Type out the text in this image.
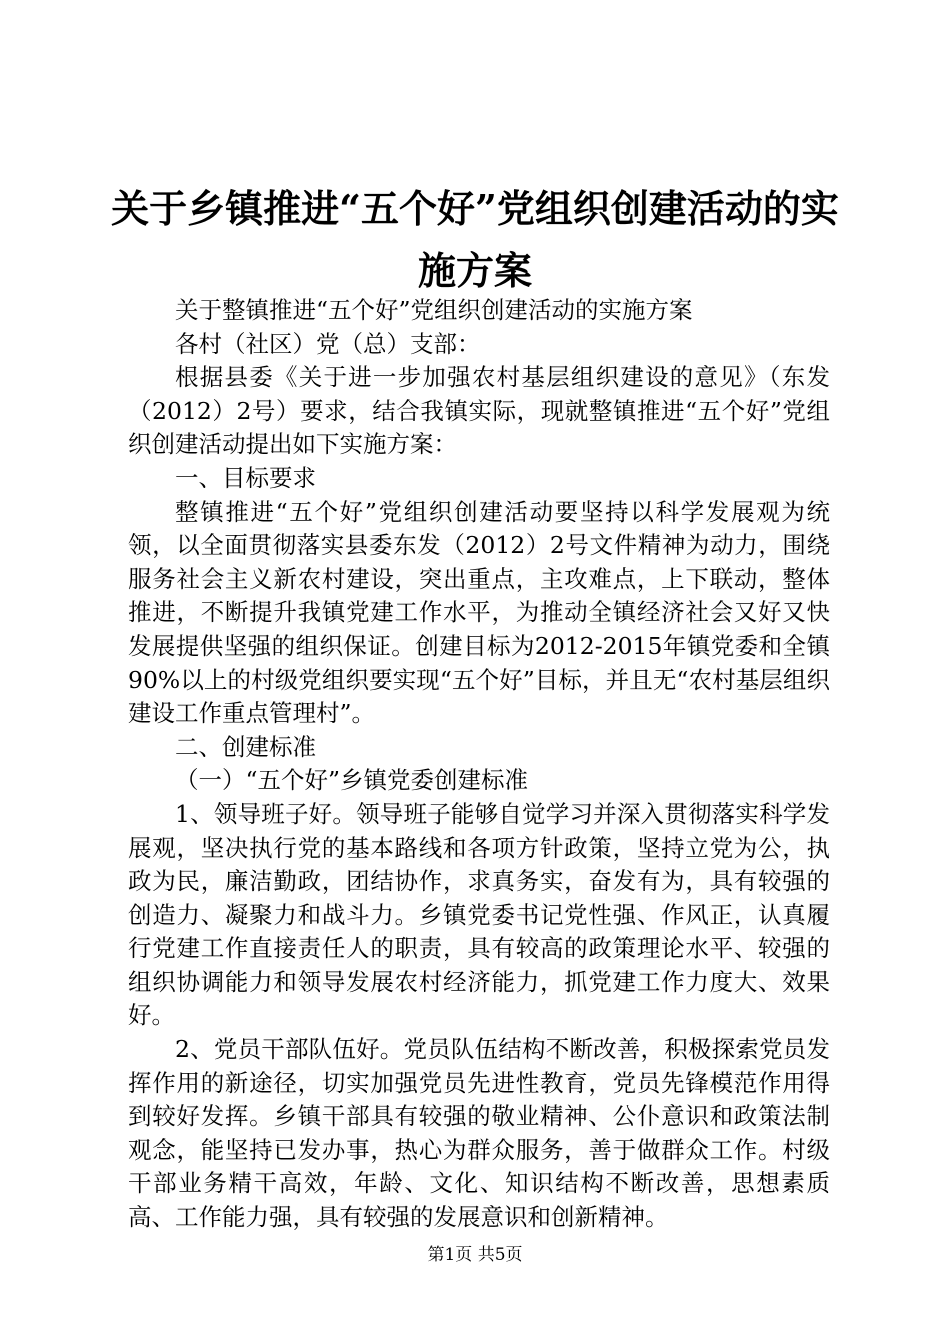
关于乡镇推进“五个好”党组织创建活动的实施方案

关于整镇推进“五个好”党组织创建活动的实施方案

各村（社区）党（总）支部：

根据县委《关于进一步加强农村基层组织建设的意见》（东发（2012）2号）要求，结合我镇实际，现就整镇推进“五个好”党组织创建活动提出如下实施方案：

一、目标要求

整镇推进“五个好”党组织创建活动要坚持以科学发展观为统领，以全面贯彻落实县委东发（2012）2号文件精神为动力，围绕服务社会主义新农村建设，突出重点，主攻难点，上下联动，整体推进，不断提升我镇党建工作水平，为推动全镇经济社会又好又快发展提供坚强的组织保证。创建目标为2012-2015年镇党委和全镇90%以上的村级党组织要实现“五个好”目标，并且无“农村基层组织建设工作重点管理村”。

二、创建标准

（一）“五个好”乡镇党委创建标准

1、领导班子好。领导班子能够自觉学习并深入贯彻落实科学发展观，坚决执行党的基本路线和各项方针政策，坚持立党为公，执政为民，廉洁勤政，团结协作，求真务实，奋发有为，具有较强的创造力、凝聚力和战斗力。乡镇党委书记党性强、作风正，认真履行党建工作直接责任人的职责，具有较高的政策理论水平、较强的组织协调能力和领导发展农村经济能力，抓党建工作力度大、效果好。

2、党员干部队伍好。党员队伍结构不断改善，积极探索党员发挥作用的新途径，切实加强党员先进性教育，党员先锋模范作用得到较好发挥。乡镇干部具有较强的敬业精神、公仆意识和政策法制观念，能坚持已发办事，热心为群众服务，善于做群众工作。村级干部业务精干高效，年龄、文化、知识结构不断改善，思想素质高、工作能力强，具有较强的发展意识和创新精神。

第1页 共5页
